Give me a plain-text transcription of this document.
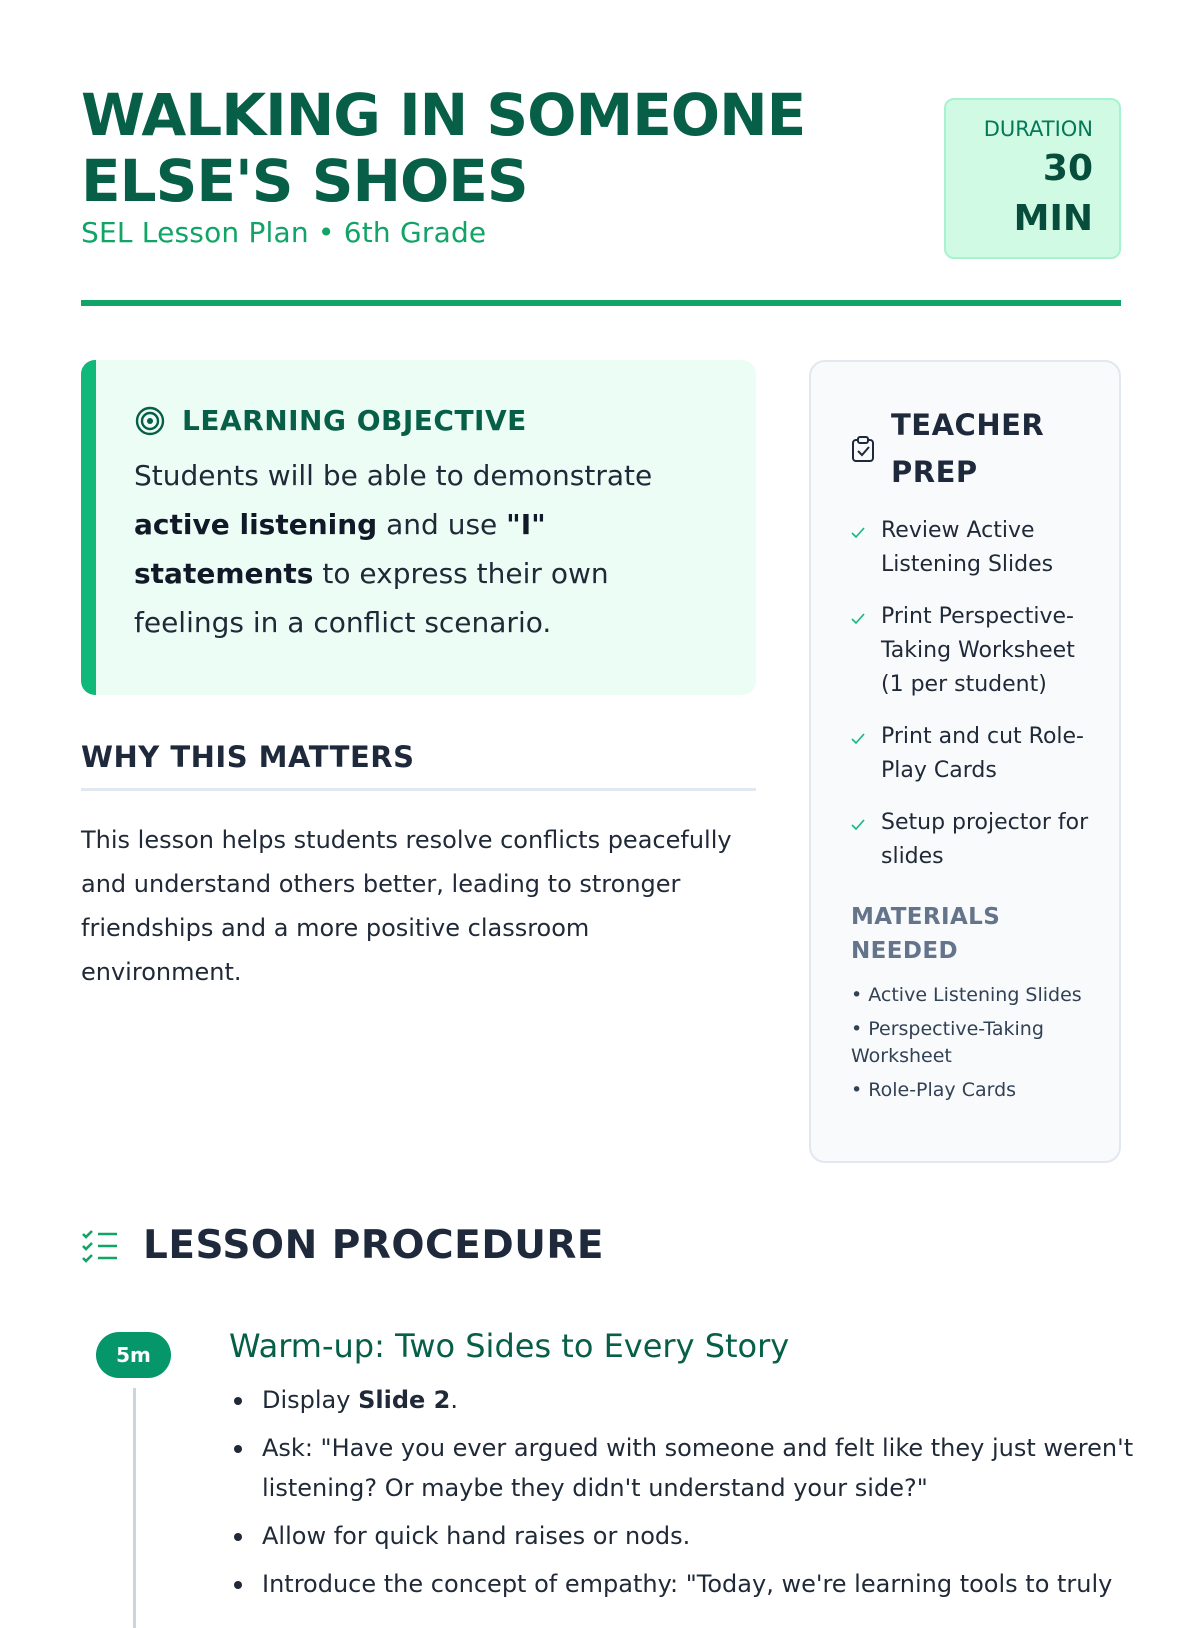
WALKING IN SOMEONE ELSE'S SHOES
SEL Lesson Plan • 6th Grade
DURATION
30 MIN
LEARNING OBJECTIVE
Students will be able to demonstrate active listening and use "I" statements to express their own feelings in a conflict scenario.
WHY THIS MATTERS
This lesson helps students resolve conflicts peacefully and understand others better, leading to stronger friendships and a more positive classroom environment.
TEACHER PREP
Review Active Listening Slides
Print Perspective-Taking Worksheet (1 per student)
Print and cut Role-Play Cards
Setup projector for slides
MATERIALS NEEDED
• Active Listening Slides
• Perspective-Taking Worksheet
• Role-Play Cards
LESSON PROCEDURE
5m	Warm-up: Two Sides to Every Story
Display Slide 2.
Ask: "Have you ever argued with someone and felt like they just weren't listening? Or maybe they didn't understand your side?"
Allow for quick hand raises or nods.
Introduce the concept of empathy: "Today, we're learning tools to truly
